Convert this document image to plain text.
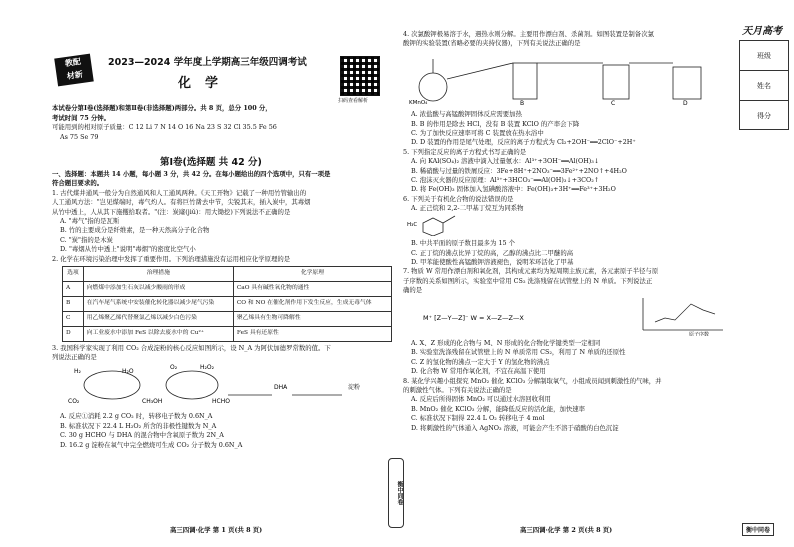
天月高考
班级
姓名
得分
教配
材新
2023—2024 学年度上学期高三年级四调考试
化学
扫码查看解析

本试卷分第Ⅰ卷(选择题)和第Ⅱ卷(非选择题)两部分。共 8 页，总分 100 分，

考试时间 75 分钟。

可能用到的相对原子质量：C 12 Li 7 N 14 O 16 Na 23 S 32 Cl 35.5 Fe 56

As 75 Se 79

第Ⅰ卷(选择题 共 42 分)

一、选择题：本题共 14 小题，每小题 3 分，共 42 分。在每小题给出的四个选项中，只有一项是

符合题目要求的。

1. 古代煤井通风一般分为自然通风和人工通风两种。《天工开物》记载了一种用竹管输出的

人工通风方法："岂见煤端时，毒气灼人。有将巨竹凿去中节，尖锐其末，插入炭中，其毒烟

从竹中透上，人从其下施攫拾取者。"(注：炭窿(jiǔ)：用大锄挖)下列说法不正确的是

A. "毒气"指的是瓦斯

B. 竹的主要成分是纤维素，是一种天然高分子化合物

C. "炭"指的是木炭

D. "毒烟从竹中透上"说明"毒烟"的密度比空气小

2. 化学在环境污染治理中发挥了重要作用。下列治理措施没有运用相应化学原理的是

选项	治理措施	化学原理
A	向燃煤中添加生石灰以减少酸雨的形成	CaO 具有碱性氧化物的通性
B	在汽车尾气系统中安装催化转化器以减少尾气污染	CO 和 NO 在催化剂作用下发生反应，生成无毒气体
C	用乙烯聚乙烯代替聚氯乙烯以减少白色污染	聚乙烯具有生物可降解性
D	向工业废水中添加 FeS 以除去废水中的 Cu²⁺	FeS 具有还原性

3. 我国科学家实现了利用 CO₂ 合成淀粉的核心反应如图所示，设 N_A 为阿伏加德罗常数的值。下

列说法正确的是

H₂	H₂O
CO₂	CH₃OH
O₂	H₂O₂
HCHO
DHA	淀粉

A. 反应①消耗 2.2 g CO₂ 时，转移电子数为 0.6N_A

B. 标准状况下 22.4 L H₂O₂ 所含的非极性键数为 N_A

C. 30 g HCHO 与 DHA 的混合物中含氧原子数为 2N_A

D. 16.2 g 淀粉在氧气中完全燃烧可生成 CO₂ 分子数为 0.6N_A

4. 次氯酸钾极易溶于水，遇热水则分解。主要用作漂白剂、杀菌剂。如图装置是制备次氯

酸钾的实验装置(省略必要的夹持仪器)，下列有关说法正确的是

KMnO₄	B	C	D

A. 浓盐酸与高锰酸钾固体反应需要加热

B. B 的作用是除去 HCl，没有 B 装置 KClO 的产率会下降

C. 为了加快反应速率可将 C 装置放在热水浴中

D. D 装置的作用是尾气处理，反应的离子方程式为 Cl₂+2OH⁻══2ClO⁻+2H⁺

5. 下列指定反应的离子方程式书写正确的是

A. 向 KAl(SO₄)₂ 溶液中滴入过量氨水：Al³⁺+3OH⁻══Al(OH)₃↓

B. 稀硝酸与过量的铁屑反应：3Fe+8H⁺+2NO₃⁻══3Fe²⁺+2NO↑+4H₂O

C. 泡沫灭火器的反应原理：Al³⁺+3HCO₃⁻══Al(OH)₃↓+3CO₂↑

D. 将 Fe(OH)₃ 固体加入氢碘酸溶液中：Fe(OH)₃+3H⁺══Fe³⁺+3H₂O

6. 下列关于有机化合物的说法错误的是

A. 正己烷和 2,2-二甲基丁烷互为同系物

H₃C

B. 中共平面的原子数目最多为 15 个

C. 正丁烷的沸点比异丁烷的高，乙醇的沸点比二甲醚的高

D. 甲苯能使酸性高锰酸钾溶液褪色，说明苯环活化了甲基

7. 物质 W 常用作漂白剂和氧化剂，其构成元素均为短周期主族元素，各元素原子半径与原

子序数的关系如图所示，实验室中常用 CS₂ 洗涤残留在试管壁上的 N 单质。下列说法正

确的是

M⁺ [Z—Y—Z]⁻ W = X—Z—Z—X
原子序数

A. X、Z 形成的化合物与 M、N 形成的化合物化学键类型一定相同

B. 实验室洗涤残留在试管壁上的 N 单质常用 CS₂，利用了 N 单质的还原性

C. Z 的氢化物的沸点一定大于 Y 的氢化物的沸点

D. 化合物 W 常用作氧化剂，不宜在高温下使用

8. 某化学兴趣小组探究 MnO₂ 催化 KClO₃ 分解制取氧气，小组成员闻到刺激性的气味，并

的刺激性气体。下列有关说法正确的是

A. 反应后所得固体 MnO₂ 可以通过水溶回收利用

B. MnO₂ 催化 KClO₃ 分解，能降低反应的活化能，加快速率

C. 标准状况下制得 22.4 L O₂ 转移电子 4 mol

D. 将刺激性的气体通入 AgNO₃ 溶液，可能会产生不溶于硝酸的白色沉淀

衡中同卷
高三四调·化学 第 1 页(共 8 页)	高三四调·化学 第 2 页(共 8 页)	衡中同卷
